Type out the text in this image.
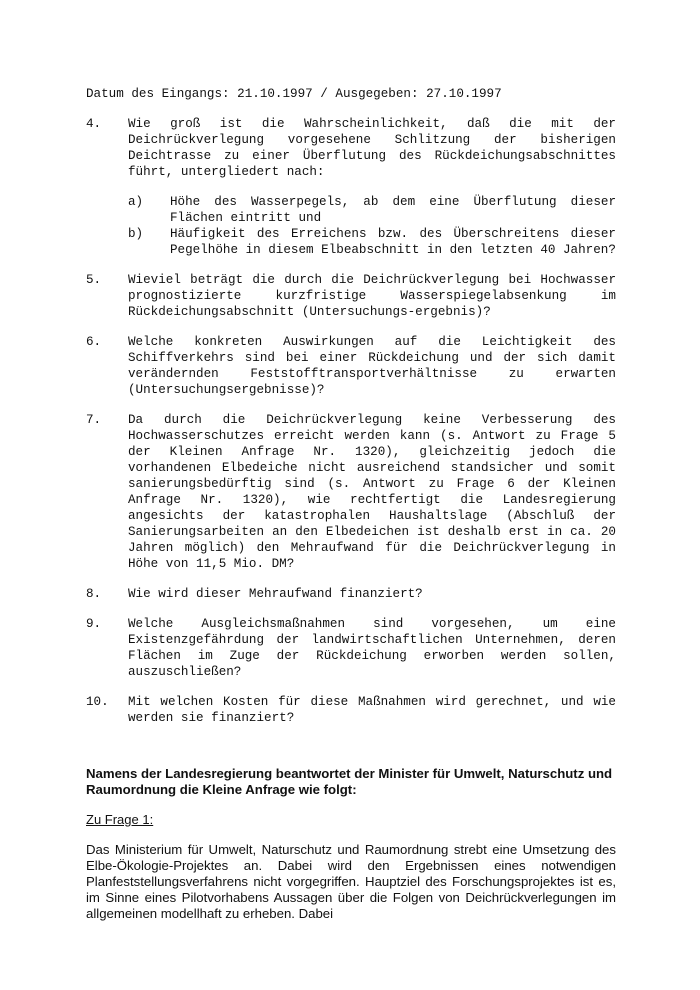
Datum des Eingangs: 21.10.1997 / Ausgegeben: 27.10.1997
4.	Wie groß ist die Wahrscheinlichkeit, daß die mit der Deichrückverlegung vorgesehene Schlitzung der bisherigen Deichtrasse zu einer Überflutung des Rückdeichungsabschnittes führt, untergliedert nach:
a)	Höhe des Wasserpegels, ab dem eine Überflutung dieser Flächen eintritt und
b)	Häufigkeit des Erreichens bzw. des Überschreitens dieser Pegelhöhe in diesem Elbeabschnitt in den letzten 40 Jahren?
5.	Wieviel beträgt die durch die Deichrückverlegung bei Hochwasser prognostizierte kurzfristige Wasserspiegelabsenkung im Rückdeichungsabschnitt (Untersuchungs-ergebnis)?
6.	Welche konkreten Auswirkungen auf die Leichtigkeit des Schiffverkehrs sind bei einer Rückdeichung und der sich damit verändernden Feststofftransportverhältnisse zu erwarten (Untersuchungsergebnisse)?
7.	Da durch die Deichrückverlegung keine Verbesserung des Hochwasserschutzes erreicht werden kann (s. Antwort zu Frage 5 der Kleinen Anfrage Nr. 1320), gleichzeitig jedoch die vorhandenen Elbedeiche nicht ausreichend standsicher und somit sanierungsbedürftig sind (s. Antwort zu Frage 6 der Kleinen Anfrage Nr. 1320), wie rechtfertigt die Landesregierung angesichts der katastrophalen Haushaltslage (Abschluß der Sanierungsarbeiten an den Elbedeichen ist deshalb erst in ca. 20 Jahren möglich) den Mehraufwand für die Deichrückverlegung in Höhe von 11,5 Mio. DM?
8.	Wie wird dieser Mehraufwand finanziert?
9.	Welche Ausgleichsmaßnahmen sind vorgesehen, um eine Existenzgefährdung der landwirtschaftlichen Unternehmen, deren Flächen im Zuge der Rückdeichung erworben werden sollen, auszuschließen?
10.	Mit welchen Kosten für diese Maßnahmen wird gerechnet, und wie werden sie finanziert?
Namens der Landesregierung beantwortet der Minister für Umwelt, Naturschutz und Raumordnung die Kleine Anfrage wie folgt:
Zu Frage 1:
Das Ministerium für Umwelt, Naturschutz und Raumordnung strebt eine Umsetzung des Elbe-Ökologie-Projektes an. Dabei wird den Ergebnissen eines notwendigen Planfeststellungsverfahrens nicht vorgegriffen. Hauptziel des Forschungsprojektes ist es, im Sinne eines Pilotvorhabens Aussagen über die Folgen von Deichrückverlegungen im allgemeinen modellhaft zu erheben. Dabei
